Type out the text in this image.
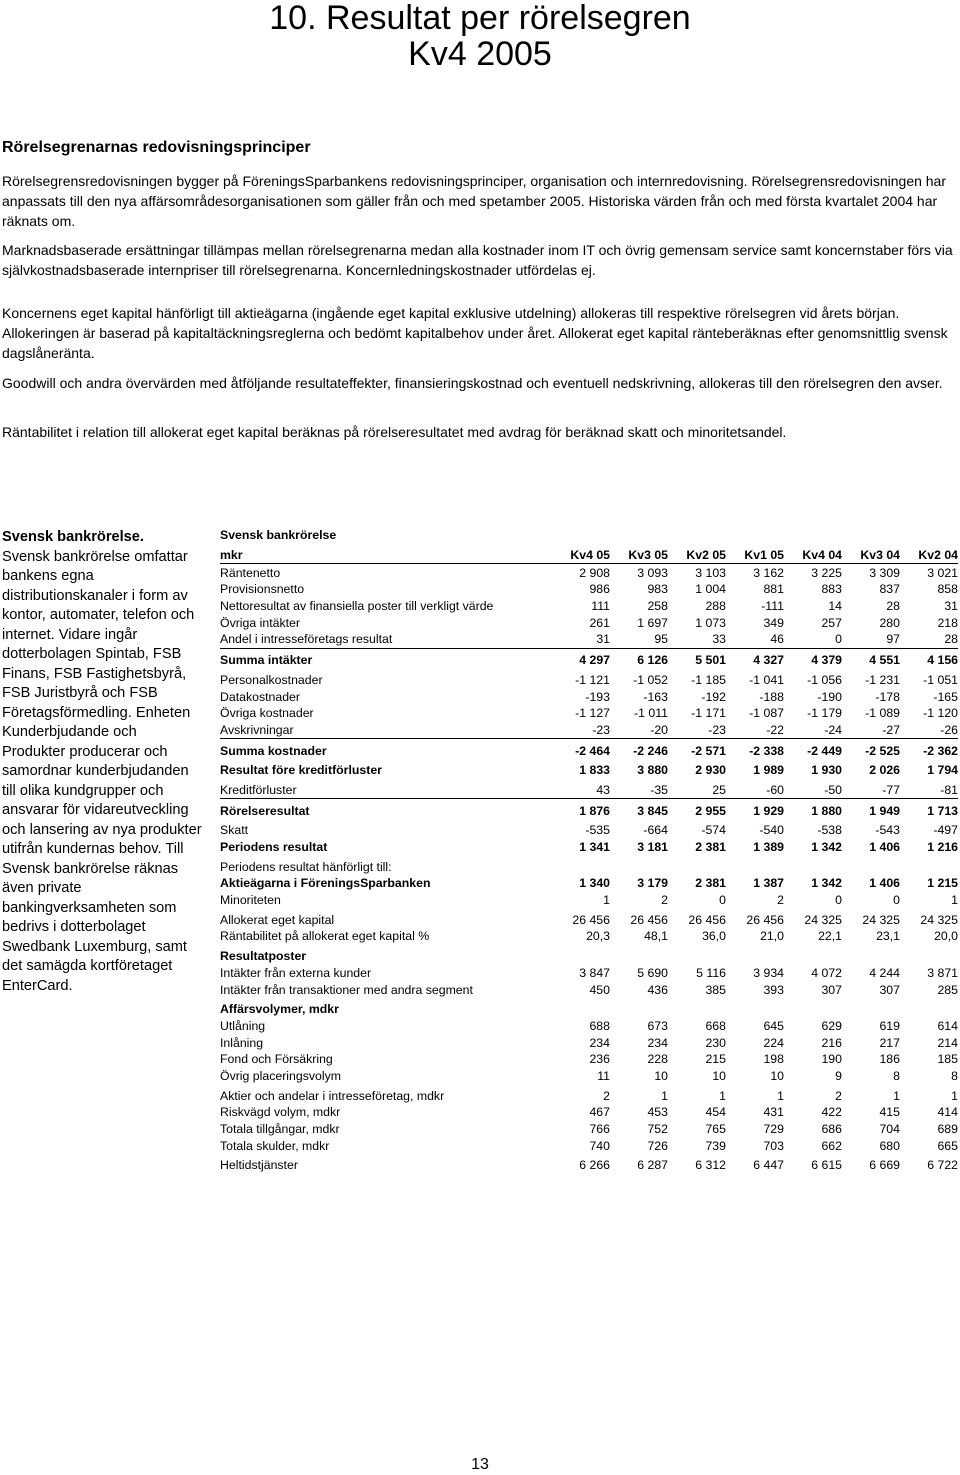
10. Resultat per rörelsegren
Kv4 2005
Rörelsegrenarnas redovisningsprinciper

Rörelsegrensredovisningen bygger på FöreningsSparbankens redovisningsprinciper, organisation och internredovisning. Rörelsegrensredovisningen har anpassats till den nya affärsområdesorganisationen som gäller från och med spetamber 2005. Historiska värden från och med första kvartalet 2004 har räknats om.

Marknadsbaserade ersättningar tillämpas mellan rörelsegrenarna medan alla kostnader inom IT och övrig gemensam service samt koncernstaber förs via självkostnadsbaserade internpriser till rörelsegrenarna. Koncernledningskostnader utfördelas ej.

Koncernens eget kapital hänförligt till aktieägarna (ingående eget kapital exklusive utdelning) allokeras till respektive rörelsegren vid årets början. Allokeringen är baserad på kapitaltäckningsreglerna och bedömt kapitalbehov under året. Allokerat eget kapital ränteberäknas efter genomsnittlig svensk dagslåneränta.

Goodwill och andra övervärden med åtföljande resultateffekter, finansieringskostnad och eventuell nedskrivning, allokeras till den rörelsegren den avser.

Räntabilitet i relation till allokerat eget kapital beräknas på rörelseresultatet med avdrag för beräknad skatt och minoritetsandel.

Svensk bankrörelse.
Svensk bankrörelse omfattar bankens egna distributionskanaler i form av kontor, automater, telefon och internet. Vidare ingår dotterbolagen Spintab, FSB Finans, FSB Fastighetsbyrå, FSB Juristbyrå och FSB Företagsförmedling. Enheten Kunderbjudande och Produkter producerar och samordnar kunderbjudanden till olika kundgrupper och ansvarar för vidareutveckling och lansering av nya produkter utifrån kundernas behov. Till Svensk bankrörelse räknas även private bankingverksamheten som bedrivs i dotterbolaget Swedbank Luxemburg, samt det samägda kortföretaget EnterCard.
Svensk bankrörelse							
mkr	Kv4 05	Kv3 05	Kv2 05	Kv1 05	Kv4 04	Kv3 04	Kv2 04
Räntenetto	2 908	3 093	3 103	3 162	3 225	3 309	3 021
Provisionsnetto	986	983	1 004	881	883	837	858
Nettoresultat av finansiella poster till verkligt värde	111	258	288	-111	14	28	31
Övriga intäkter	261	1 697	1 073	349	257	280	218
Andel i intresseföretags resultat	31	95	33	46	0	97	28
Summa intäkter	4 297	6 126	5 501	4 327	4 379	4 551	4 156
Personalkostnader	-1 121	-1 052	-1 185	-1 041	-1 056	-1 231	-1 051
Datakostnader	-193	-163	-192	-188	-190	-178	-165
Övriga kostnader	-1 127	-1 011	-1 171	-1 087	-1 179	-1 089	-1 120
Avskrivningar	-23	-20	-23	-22	-24	-27	-26
Summa kostnader	-2 464	-2 246	-2 571	-2 338	-2 449	-2 525	-2 362
Resultat före kreditförluster	1 833	3 880	2 930	1 989	1 930	2 026	1 794
Kreditförluster	43	-35	25	-60	-50	-77	-81
Rörelseresultat	1 876	3 845	2 955	1 929	1 880	1 949	1 713
Skatt	-535	-664	-574	-540	-538	-543	-497
Periodens resultat	1 341	3 181	2 381	1 389	1 342	1 406	1 216
Periodens resultat hänförligt till:							
Aktieägarna i FöreningsSparbanken	1 340	3 179	2 381	1 387	1 342	1 406	1 215
Minoriteten	1	2	0	2	0	0	1
Allokerat eget kapital	26 456	26 456	26 456	26 456	24 325	24 325	24 325
Räntabilitet på allokerat eget kapital %	20,3	48,1	36,0	21,0	22,1	23,1	20,0
Resultatposter							
Intäkter från externa kunder	3 847	5 690	5 116	3 934	4 072	4 244	3 871
Intäkter från transaktioner med andra segment	450	436	385	393	307	307	285
Affärsvolymer, mdkr							
Utlåning	688	673	668	645	629	619	614
Inlåning	234	234	230	224	216	217	214
Fond och Försäkring	236	228	215	198	190	186	185
Övrig placeringsvolym	11	10	10	10	9	8	8
Aktier och andelar i intresseföretag, mdkr	2	1	1	1	2	1	1
Riskvägd volym, mdkr	467	453	454	431	422	415	414
Totala tillgångar, mdkr	766	752	765	729	686	704	689
Totala skulder, mdkr	740	726	739	703	662	680	665
Heltidstjänster	6 266	6 287	6 312	6 447	6 615	6 669	6 722
13
